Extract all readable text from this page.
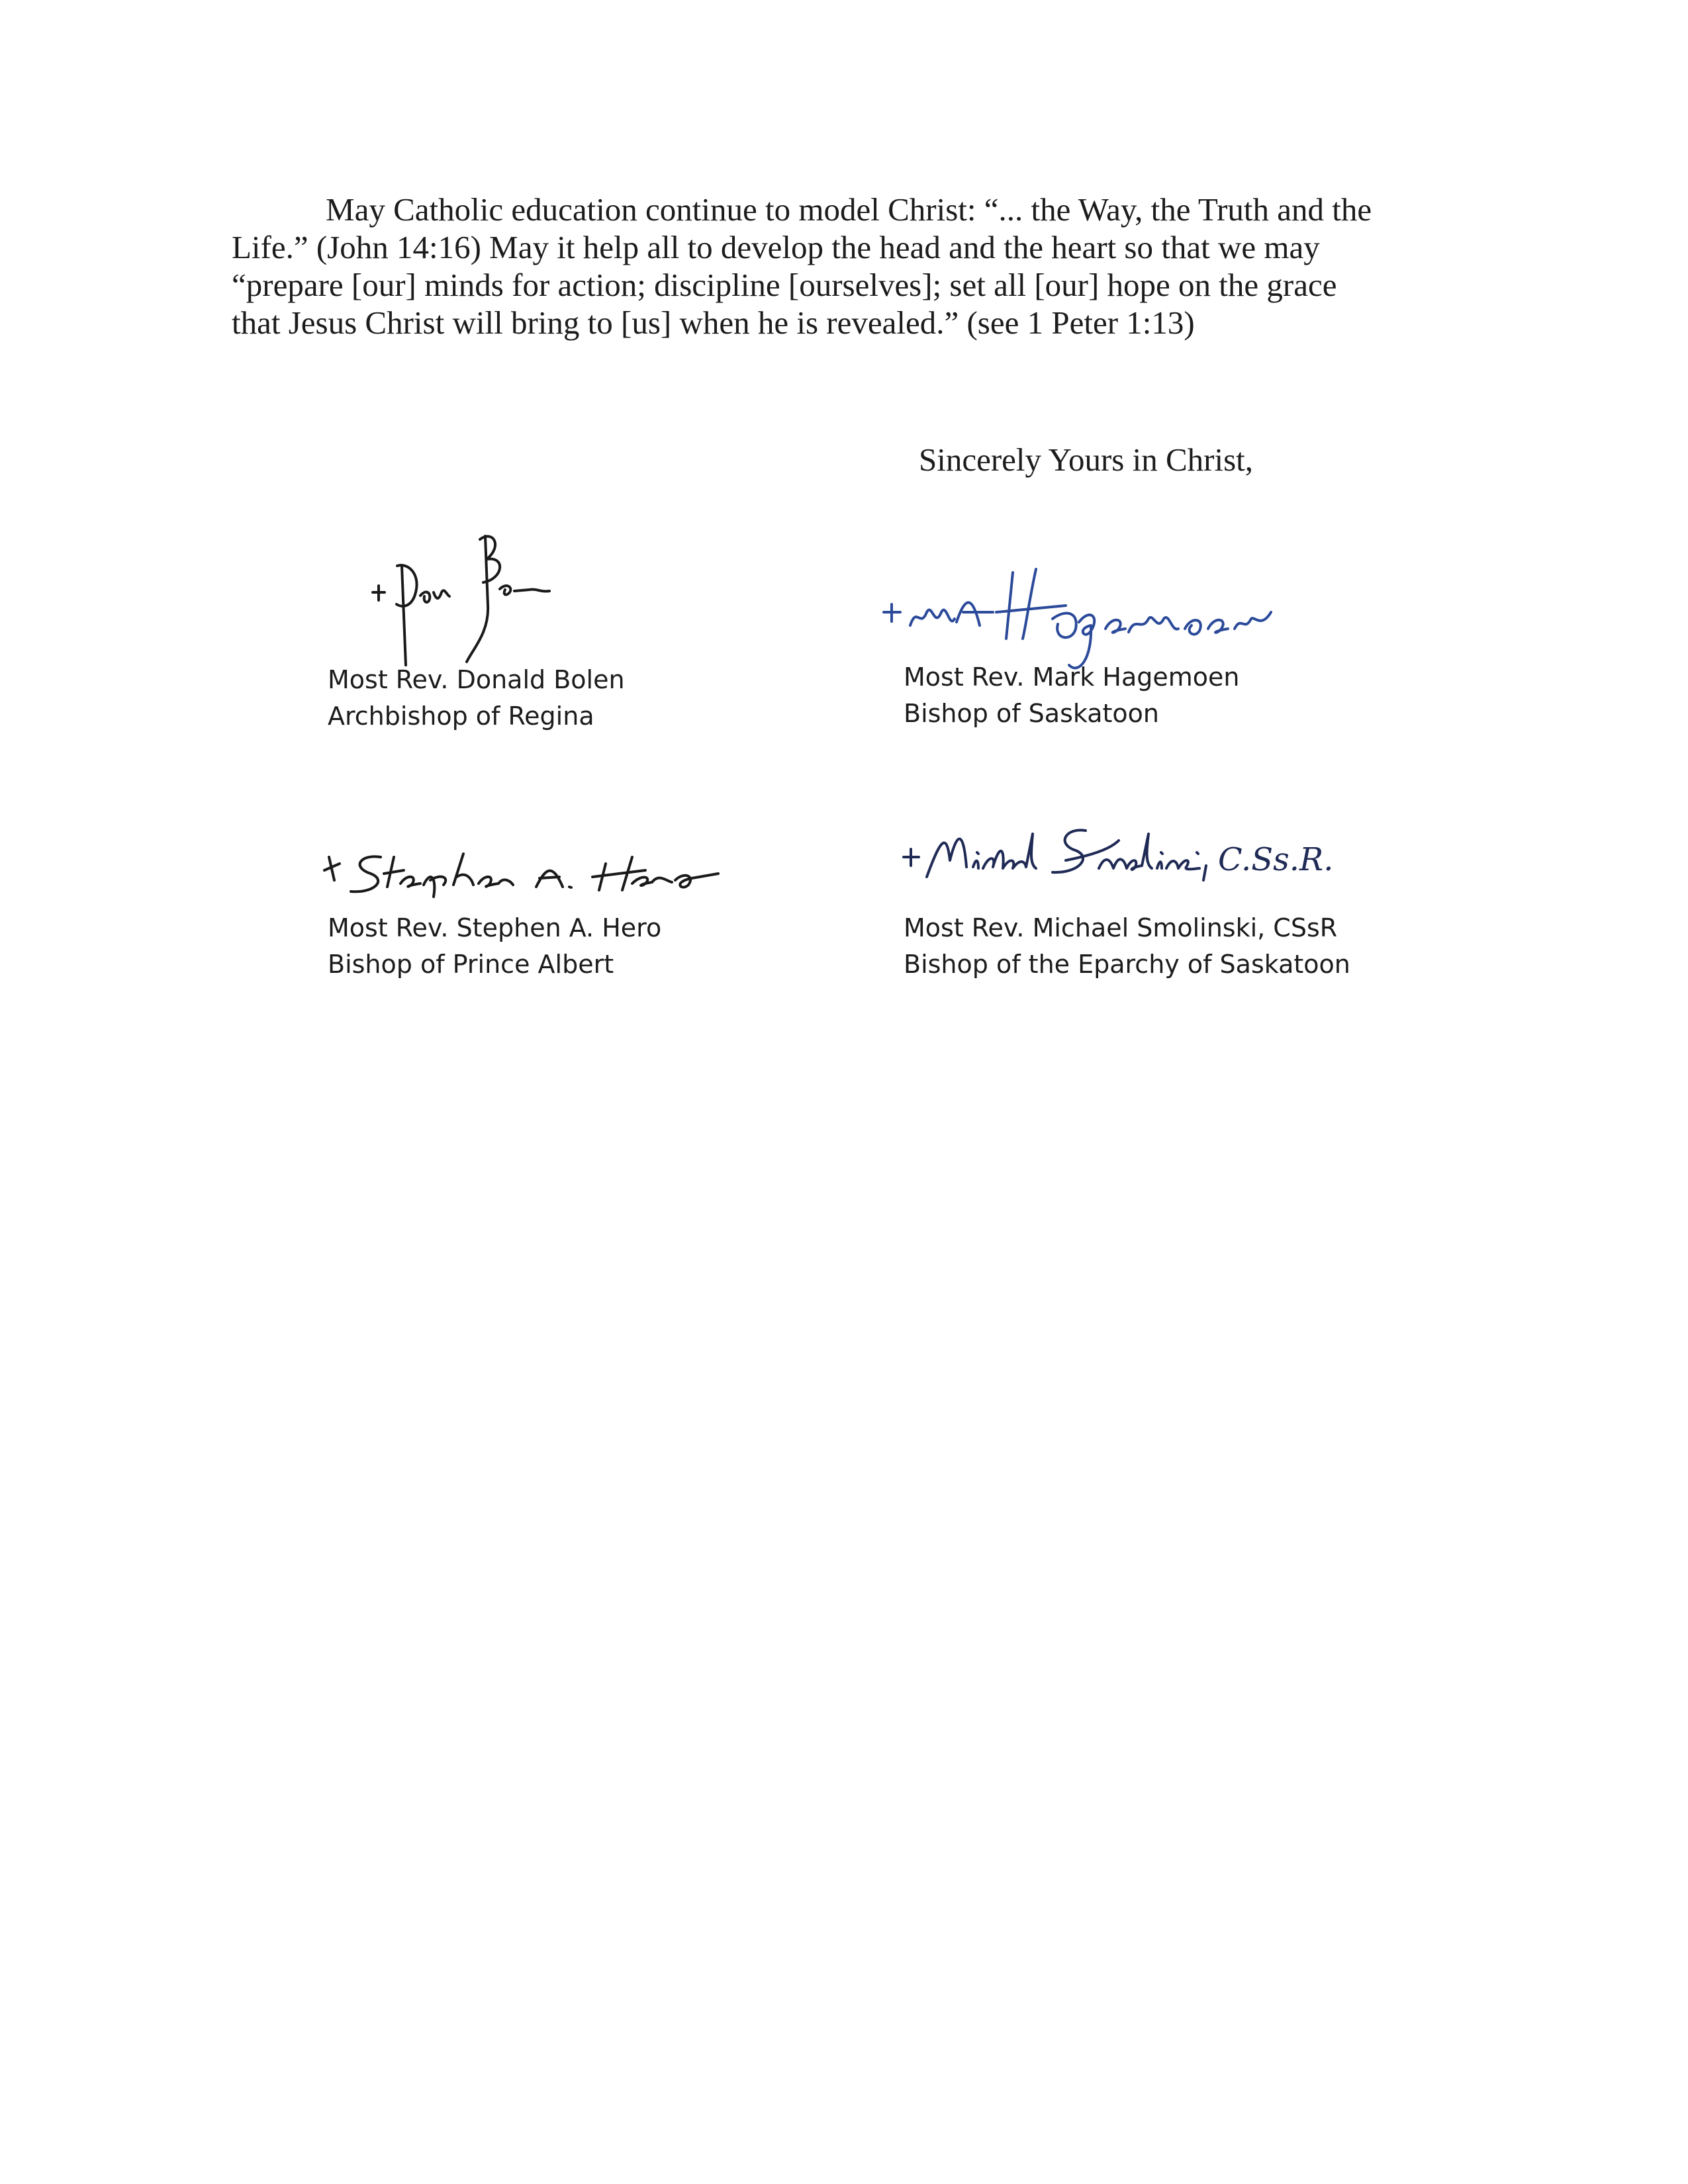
May Catholic education continue to model Christ: “... the Way, the Truth and the
Life.” (John 14:16) May it help all to develop the head and the heart so that we may
“prepare [our] minds for action; discipline [ourselves]; set all [our] hope on the grace
that Jesus Christ will bring to [us] when he is revealed.” (see 1 Peter 1:13)
Sincerely Yours in Christ,
Most Rev. Donald Bolen
Archbishop of Regina
Most Rev. Mark Hagemoen
Bishop of Saskatoon
Most Rev. Stephen A. Hero
Bishop of Prince Albert
C.Ss.R.
Most Rev. Michael Smolinski, CSsR
Bishop of the Eparchy of Saskatoon
